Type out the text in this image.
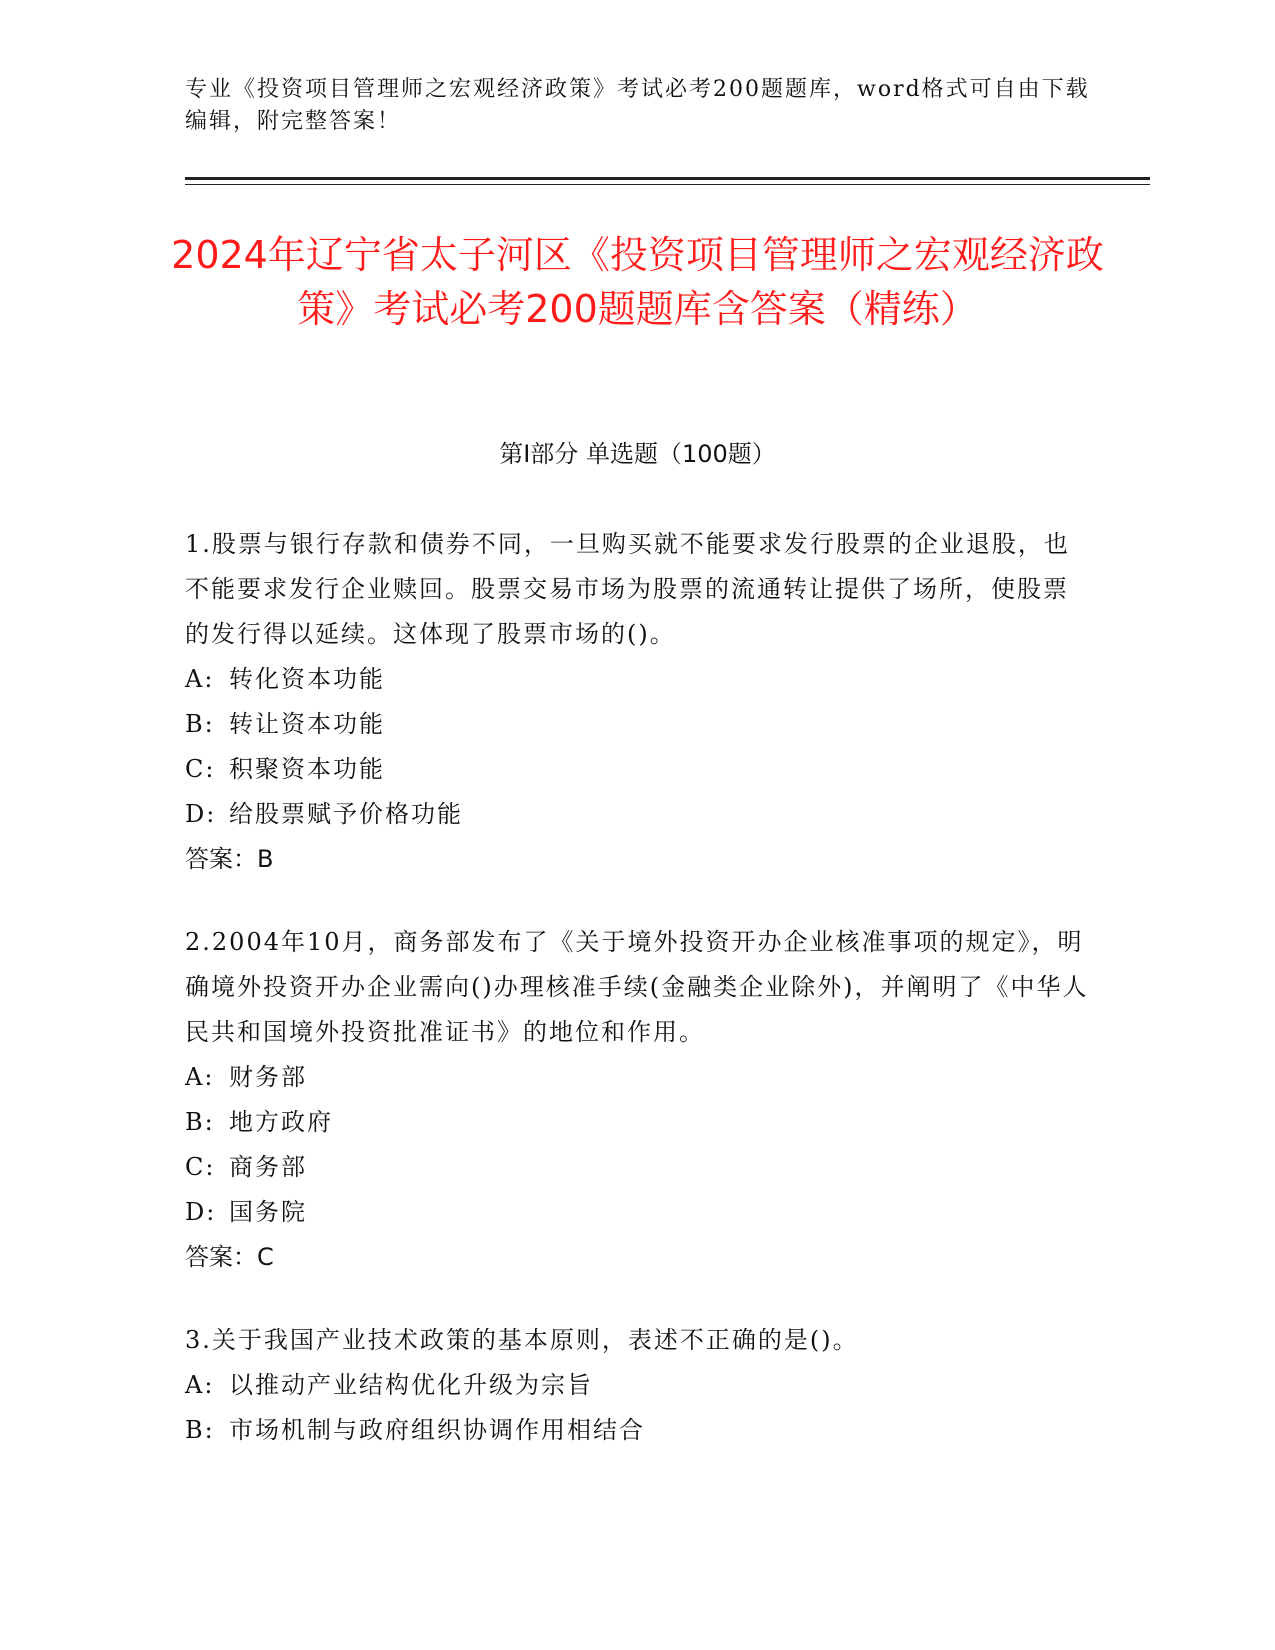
专业《投资项目管理师之宏观经济政策》考试必考200题题库，word格式可自由下载编辑，附完整答案！
2024年辽宁省太子河区《投资项目管理师之宏观经济政策》考试必考200题题库含答案（精练）
第I部分 单选题（100题）
1.股票与银行存款和债券不同，一旦购买就不能要求发行股票的企业退股，也不能要求发行企业赎回。股票交易市场为股票的流通转让提供了场所，使股票的发行得以延续。这体现了股票市场的()。
A: 转化资本功能
B: 转让资本功能
C: 积聚资本功能
D: 给股票赋予价格功能
答案：B
2.2004年10月，商务部发布了《关于境外投资开办企业核准事项的规定》，明确境外投资开办企业需向()办理核准手续(金融类企业除外)，并阐明了《中华人民共和国境外投资批准证书》的地位和作用。
A: 财务部
B: 地方政府
C: 商务部
D: 国务院
答案：C
3.关于我国产业技术政策的基本原则，表述不正确的是()。
A: 以推动产业结构优化升级为宗旨
B: 市场机制与政府组织协调作用相结合
